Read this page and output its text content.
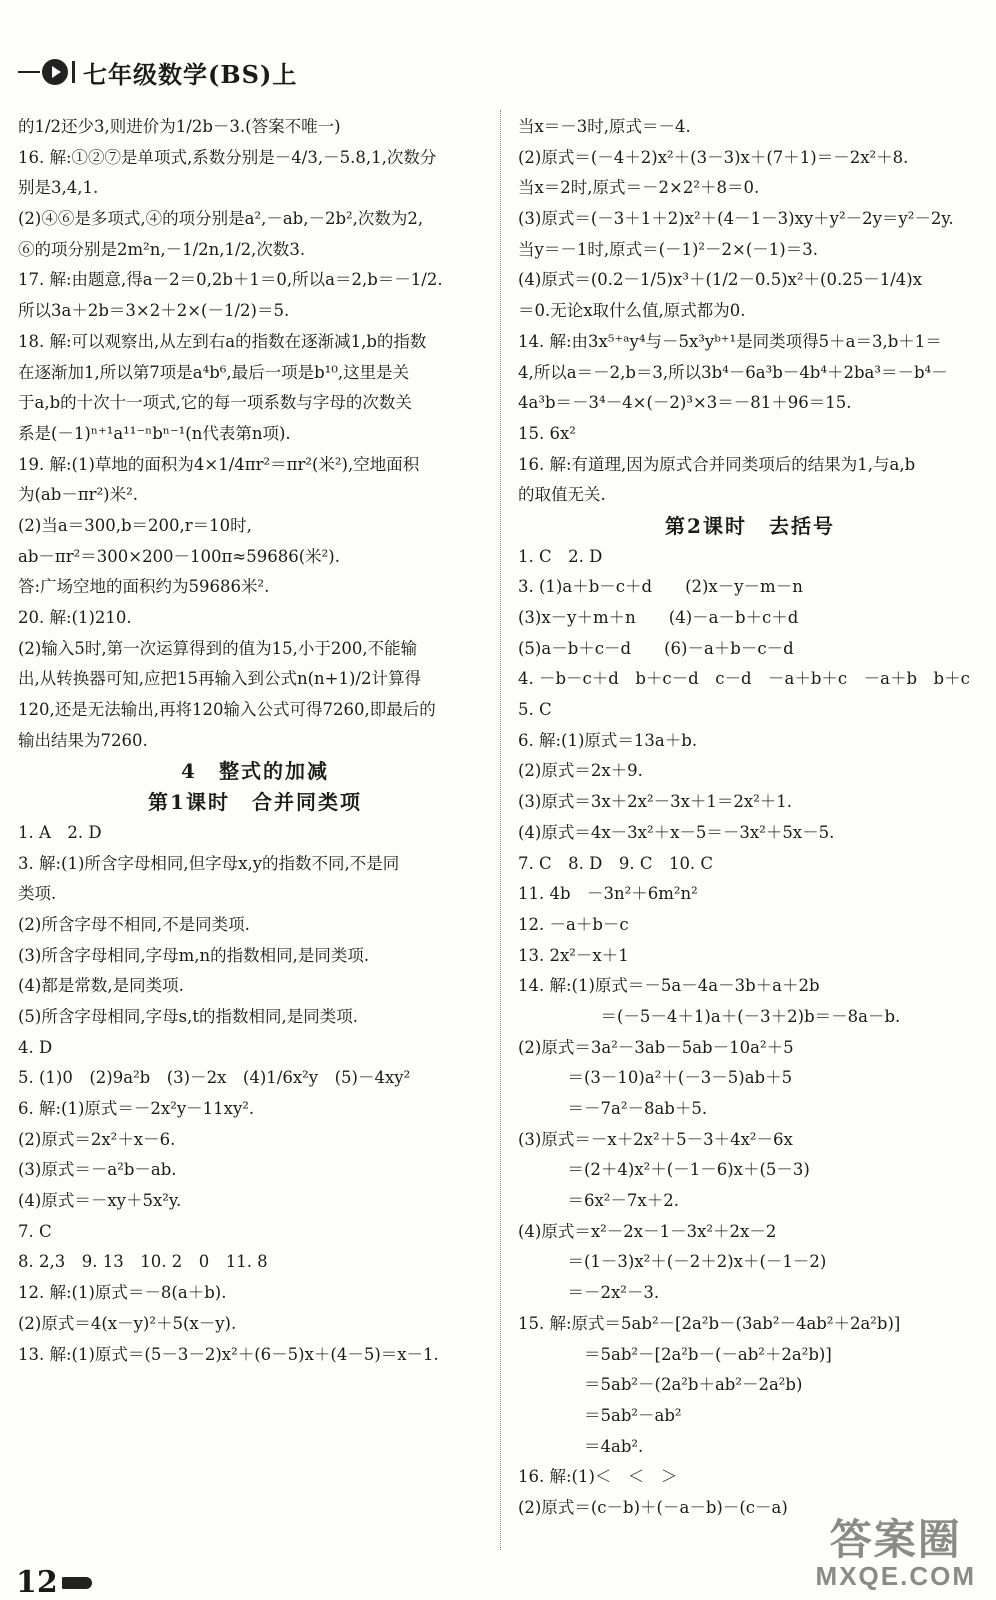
七年级数学(BS)上
的1/2还少3,则进价为1/2b－3.(答案不唯一)
16. 解:①②⑦是单项式,系数分别是－4/3,－5.8,1,次数分
别是3,4,1.
(2)④⑥是多项式,④的项分别是a²,－ab,－2b²,次数为2,
⑥的项分别是2m²n,－1/2n,1/2,次数3.
17. 解:由题意,得a－2＝0,2b＋1＝0,所以a＝2,b＝－1/2.
所以3a＋2b＝3×2＋2×(－1/2)＝5.
18. 解:可以观察出,从左到右a的指数在逐渐减1,b的指数
在逐渐加1,所以第7项是a⁴b⁶,最后一项是b¹⁰,这里是关
于a,b的十次十一项式,它的每一项系数与字母的次数关
系是(－1)ⁿ⁺¹a¹¹⁻ⁿbⁿ⁻¹(n代表第n项).
19. 解:(1)草地的面积为4×1/4πr²＝πr²(米²),空地面积
为(ab－πr²)米².
(2)当a＝300,b＝200,r＝10时,
ab－πr²＝300×200－100π≈59686(米²).
答:广场空地的面积约为59686米².
20. 解:(1)210.
(2)输入5时,第一次运算得到的值为15,小于200,不能输
出,从转换器可知,应把15再输入到公式n(n+1)/2计算得
120,还是无法输出,再将120输入公式可得7260,即最后的
输出结果为7260.
4　整式的加减
第1课时　合并同类项
1. A　2. D
3. 解:(1)所含字母相同,但字母x,y的指数不同,不是同
类项.
(2)所含字母不相同,不是同类项.
(3)所含字母相同,字母m,n的指数相同,是同类项.
(4)都是常数,是同类项.
(5)所含字母相同,字母s,t的指数相同,是同类项.
4. D
5. (1)0　(2)9a²b　(3)－2x　(4)1/6x²y　(5)－4xy²
6. 解:(1)原式＝－2x²y－11xy².
(2)原式＝2x²＋x－6.
(3)原式＝－a²b－ab.
(4)原式＝－xy＋5x²y.
7. C
8. 2,3　9. 13　10. 2　0　11. 8
12. 解:(1)原式＝－8(a＋b).
(2)原式＝4(x－y)²＋5(x－y).
13. 解:(1)原式＝(5－3－2)x²＋(6－5)x＋(4－5)＝x－1.
当x＝－3时,原式＝－4.
(2)原式＝(－4＋2)x²＋(3－3)x＋(7＋1)＝－2x²＋8.
当x＝2时,原式＝－2×2²＋8＝0.
(3)原式＝(－3＋1＋2)x²＋(4－1－3)xy＋y²－2y＝y²－2y.
当y＝－1时,原式＝(－1)²－2×(－1)＝3.
(4)原式＝(0.2－1/5)x³＋(1/2－0.5)x²＋(0.25－1/4)x
＝0.无论x取什么值,原式都为0.
14. 解:由3x⁵⁺ᵃy⁴与－5x³yᵇ⁺¹是同类项得5＋a＝3,b＋1＝
4,所以a＝－2,b＝3,所以3b⁴－6a³b－4b⁴＋2ba³＝－b⁴－
4a³b＝－3⁴－4×(－2)³×3＝－81＋96＝15.
15. 6x²
16. 解:有道理,因为原式合并同类项后的结果为1,与a,b
的取值无关.
第2课时　去括号
1. C　2. D
3. (1)a＋b－c＋d　　(2)x－y－m－n
(3)x－y＋m＋n　　(4)－a－b＋c＋d
(5)a－b＋c－d　　(6)－a＋b－c－d
4. －b－c＋d　b＋c－d　c－d　－a＋b＋c　－a＋b　b＋c
5. C
6. 解:(1)原式＝13a＋b.
(2)原式＝2x＋9.
(3)原式＝3x＋2x²－3x＋1＝2x²＋1.
(4)原式＝4x－3x²＋x－5＝－3x²＋5x－5.
7. C　8. D　9. C　10. C
11. 4b　－3n²＋6m²n²
12. －a＋b－c
13. 2x²－x＋1
14. 解:(1)原式＝－5a－4a－3b＋a＋2b
　　　　　＝(－5－4＋1)a＋(－3＋2)b＝－8a－b.
(2)原式＝3a²－3ab－5ab－10a²＋5
　　　＝(3－10)a²＋(－3－5)ab＋5
　　　＝－7a²－8ab＋5.
(3)原式＝－x＋2x²＋5－3＋4x²－6x
　　　＝(2＋4)x²＋(－1－6)x＋(5－3)
　　　＝6x²－7x＋2.
(4)原式＝x²－2x－1－3x²＋2x－2
　　　＝(1－3)x²＋(－2＋2)x＋(－1－2)
　　　＝－2x²－3.
15. 解:原式＝5ab²－[2a²b－(3ab²－4ab²＋2a²b)]
　　　　＝5ab²－[2a²b－(－ab²＋2a²b)]
　　　　＝5ab²－(2a²b＋ab²－2a²b)
　　　　＝5ab²－ab²
　　　　＝4ab².
16. 解:(1)＜　＜　＞
(2)原式＝(c－b)＋(－a－b)－(c－a)
12
答案圈
MXQE.COM
